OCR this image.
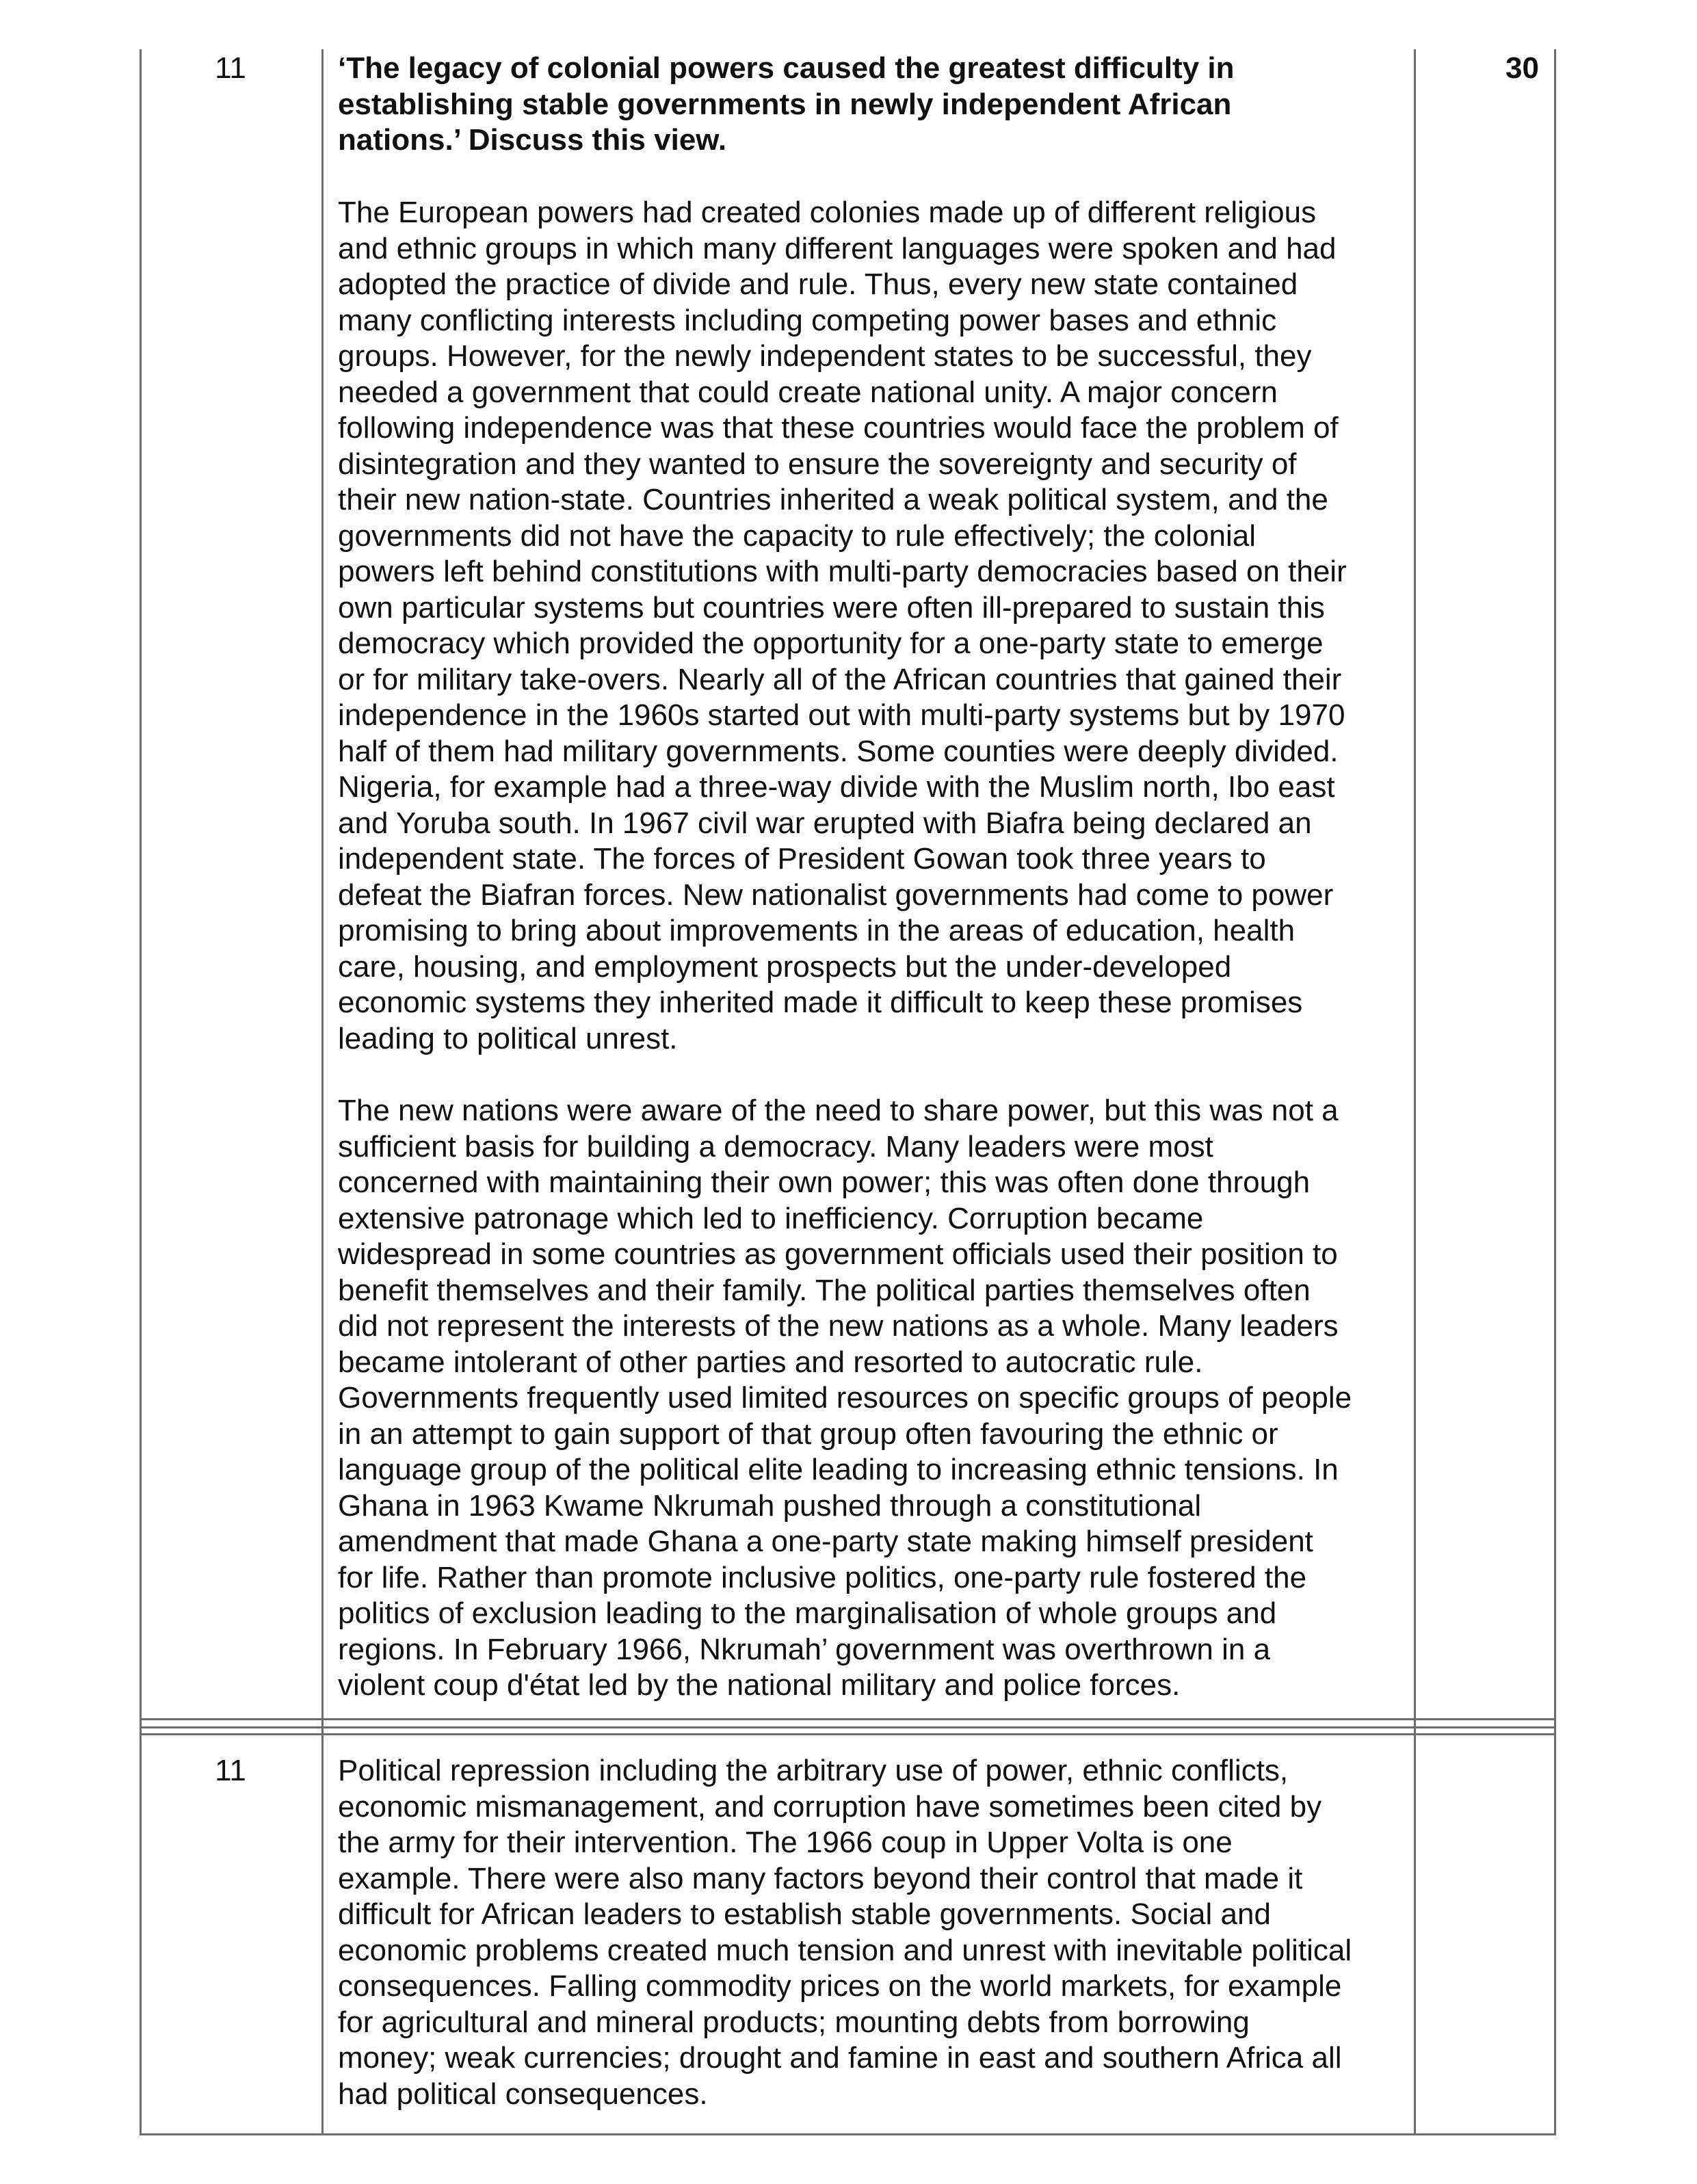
11	30
‘The legacy of colonial powers caused the greatest difficulty in
establishing stable governments in newly independent African
nations.’ Discuss this view.
The European powers had created colonies made up of different religious
and ethnic groups in which many different languages were spoken and had
adopted the practice of divide and rule. Thus, every new state contained
many conflicting interests including competing power bases and ethnic
groups. However, for the newly independent states to be successful, they
needed a government that could create national unity. A major concern
following independence was that these countries would face the problem of
disintegration and they wanted to ensure the sovereignty and security of
their new nation-state. Countries inherited a weak political system, and the
governments did not have the capacity to rule effectively; the colonial
powers left behind constitutions with multi-party democracies based on their
own particular systems but countries were often ill-prepared to sustain this
democracy which provided the opportunity for a one-party state to emerge
or for military take-overs. Nearly all of the African countries that gained their
independence in the 1960s started out with multi-party systems but by 1970
half of them had military governments. Some counties were deeply divided.
Nigeria, for example had a three-way divide with the Muslim north, Ibo east
and Yoruba south. In 1967 civil war erupted with Biafra being declared an
independent state. The forces of President Gowan took three years to
defeat the Biafran forces. New nationalist governments had come to power
promising to bring about improvements in the areas of education, health
care, housing, and employment prospects but the under-developed
economic systems they inherited made it difficult to keep these promises
leading to political unrest.
The new nations were aware of the need to share power, but this was not a
sufficient basis for building a democracy. Many leaders were most
concerned with maintaining their own power; this was often done through
extensive patronage which led to inefficiency. Corruption became
widespread in some countries as government officials used their position to
benefit themselves and their family. The political parties themselves often
did not represent the interests of the new nations as a whole. Many leaders
became intolerant of other parties and resorted to autocratic rule.
Governments frequently used limited resources on specific groups of people
in an attempt to gain support of that group often favouring the ethnic or
language group of the political elite leading to increasing ethnic tensions. In
Ghana in 1963 Kwame Nkrumah pushed through a constitutional
amendment that made Ghana a one-party state making himself president
for life. Rather than promote inclusive politics, one-party rule fostered the
politics of exclusion leading to the marginalisation of whole groups and
regions. In February 1966, Nkrumah’ government was overthrown in a
violent coup d'état led by the national military and police forces.
11	Political repression including the arbitrary use of power, ethnic conflicts,
economic mismanagement, and corruption have sometimes been cited by
the army for their intervention. The 1966 coup in Upper Volta is one
example. There were also many factors beyond their control that made it
difficult for African leaders to establish stable governments. Social and
economic problems created much tension and unrest with inevitable political
consequences. Falling commodity prices on the world markets, for example
for agricultural and mineral products; mounting debts from borrowing
money; weak currencies; drought and famine in east and southern Africa all
had political consequences.
